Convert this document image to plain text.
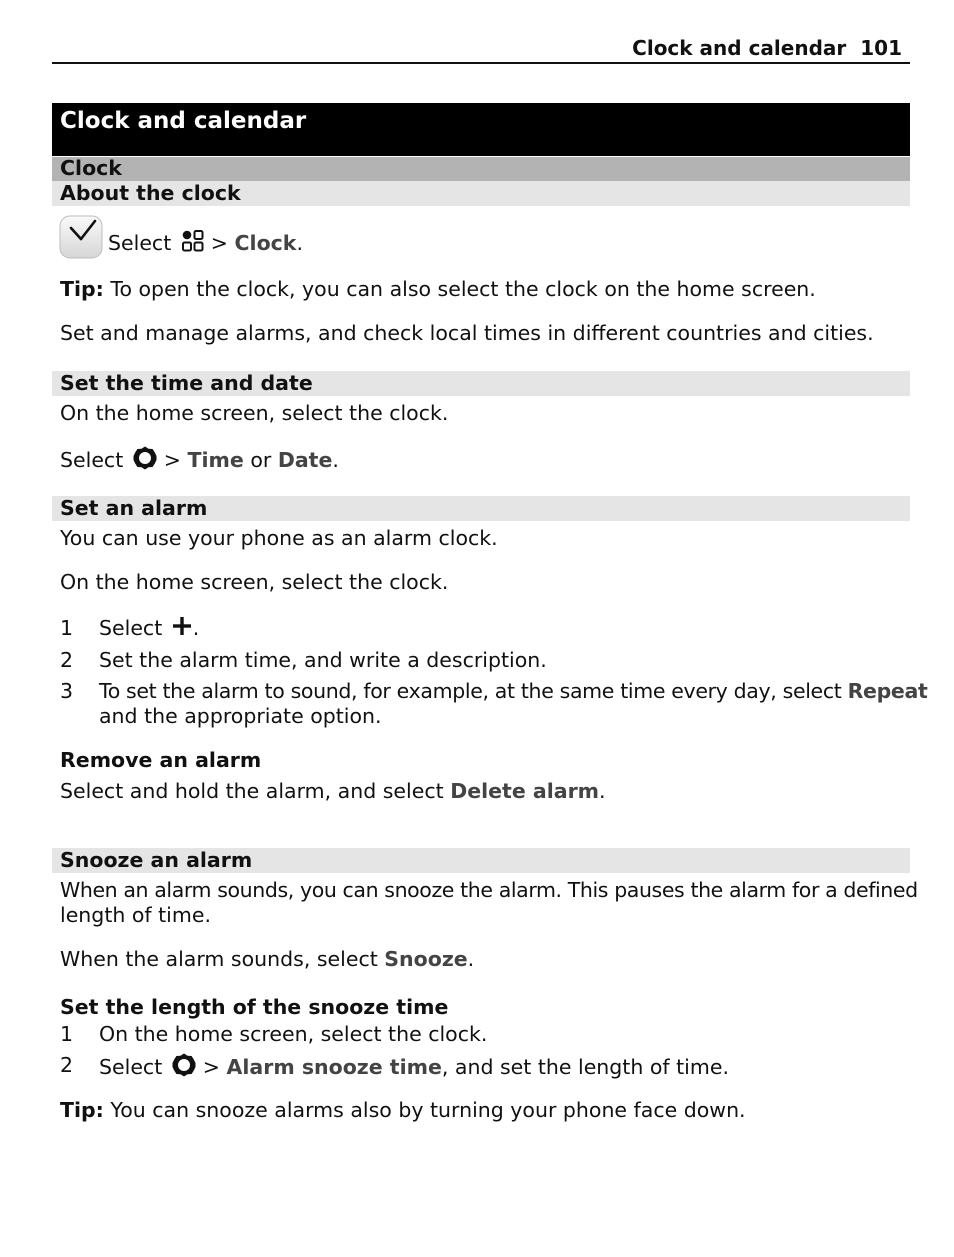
Clock and calendar 101
Clock and calendar
Clock
About the clock
Select > Clock.
Tip: To open the clock, you can also select the clock on the home screen.
Set and manage alarms, and check local times in different countries and cities.
Set the time and date
On the home screen, select the clock.
Select > Time or Date.
Set an alarm
You can use your phone as an alarm clock.
On the home screen, select the clock.
1 Select .
2 Set the alarm time, and write a description.
3 To set the alarm to sound, for example, at the same time every day, select Repeat
and the appropriate option.
Remove an alarm
Select and hold the alarm, and select Delete alarm.
Snooze an alarm
When an alarm sounds, you can snooze the alarm. This pauses the alarm for a defined
length of time.
When the alarm sounds, select Snooze.
Set the length of the snooze time
1 On the home screen, select the clock.
2 Select > Alarm snooze time, and set the length of time.
Tip: You can snooze alarms also by turning your phone face down.
